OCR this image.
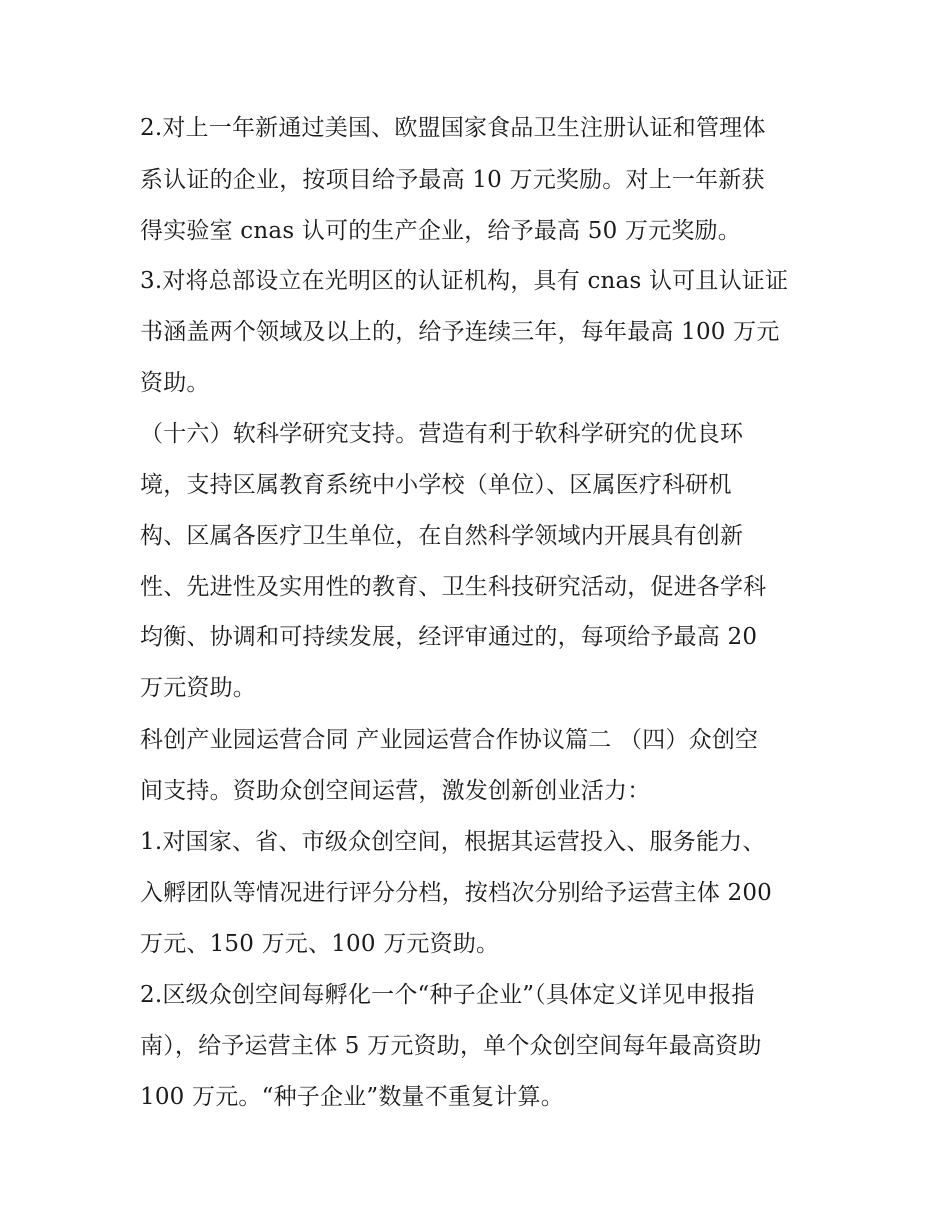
2.对上一年新通过美国、欧盟国家食品卫生注册认证和管理体
系认证的企业，按项目给予最高 10 万元奖励。对上一年新获
得实验室 cnas 认可的生产企业，给予最高 50 万元奖励。
3.对将总部设立在光明区的认证机构，具有 cnas 认可且认证证
书涵盖两个领域及以上的，给予连续三年，每年最高 100 万元
资助。
（十六）软科学研究支持。营造有利于软科学研究的优良环
境，支持区属教育系统中小学校（单位）、区属医疗科研机
构、区属各医疗卫生单位，在自然科学领域内开展具有创新
性、先进性及实用性的教育、卫生科技研究活动，促进各学科
均衡、协调和可持续发展，经评审通过的，每项给予最高 20
万元资助。
科创产业园运营合同 产业园运营合作协议篇二 （四）众创空
间支持。资助众创空间运营，激发创新创业活力：
1.对国家、省、市级众创空间，根据其运营投入、服务能力、
入孵团队等情况进行评分分档，按档次分别给予运营主体 200
万元、150 万元、100 万元资助。
2.区级众创空间每孵化一个“种子企业”（具体定义详见申报指
南），给予运营主体 5 万元资助，单个众创空间每年最高资助
100 万元。“种子企业”数量不重复计算。
